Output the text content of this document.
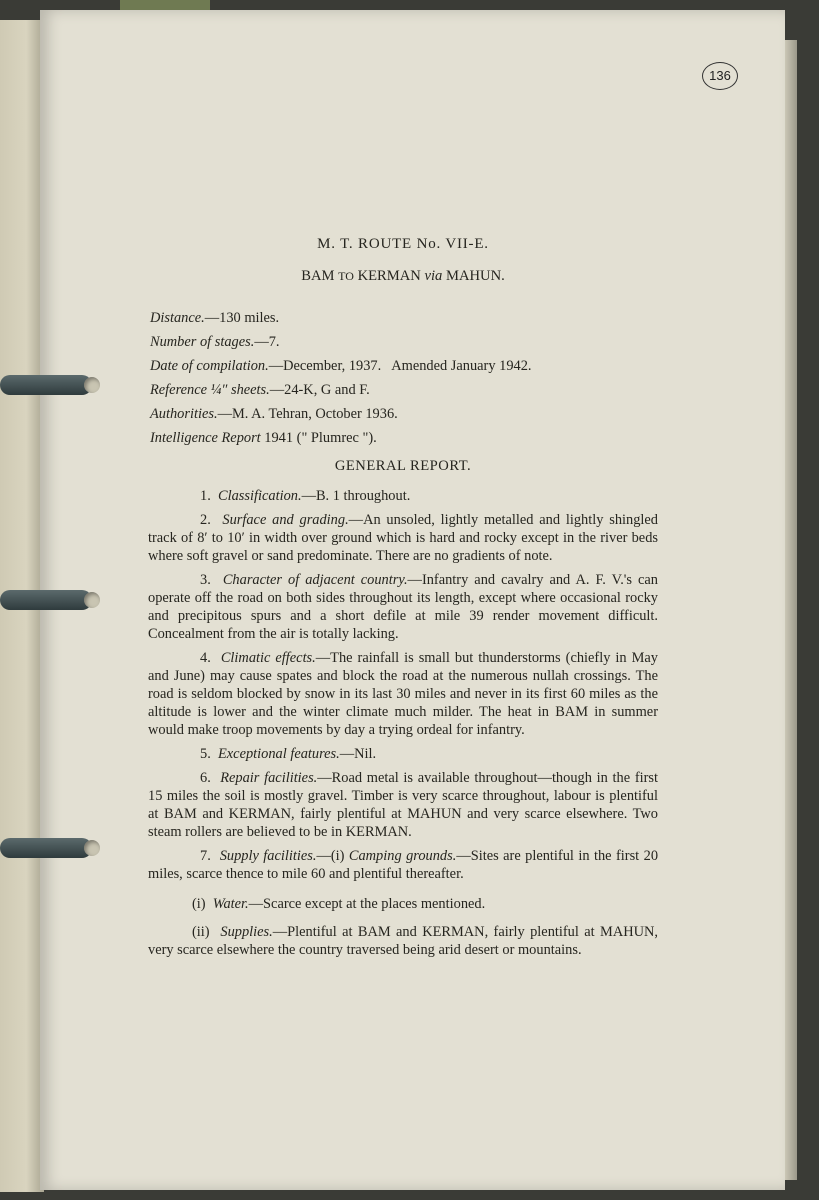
136
M. T. ROUTE No. VII-E.
BAM TO KERMAN via MAHUN.
Distance.—130 miles.
Number of stages.—7.
Date of compilation.—December, 1937.   Amended January 1942.
Reference ¼″ sheets.—24-K, G and F.
Authorities.—M. A. Tehran, October 1936.
Intelligence Report 1941 (" Plumrec ").
GENERAL REPORT.

1. Classification.—B. 1 throughout.

2. Surface and grading.—An unsoled, lightly metalled and lightly shingled track of 8′ to 10′ in width over ground which is hard and rocky except in the river beds where soft gravel or sand predominate. There are no gradients of note.

3. Character of adjacent country.—Infantry and cavalry and A. F. V.'s can operate off the road on both sides throughout its length, except where occasional rocky and precipitous spurs and a short defile at mile 39 render movement difficult. Concealment from the air is totally lacking.

4. Climatic effects.—The rainfall is small but thunderstorms (chiefly in May and June) may cause spates and block the road at the numerous nullah crossings. The road is seldom blocked by snow in its last 30 miles and never in its first 60 miles as the altitude is lower and the winter climate much milder. The heat in BAM in summer would make troop movements by day a trying ordeal for infantry.

5. Exceptional features.—Nil.

6. Repair facilities.—Road metal is available throughout—though in the first 15 miles the soil is mostly gravel. Timber is very scarce throughout, labour is plentiful at BAM and KERMAN, fairly plentiful at MAHUN and very scarce elsewhere. Two steam rollers are believed to be in KERMAN.

7. Supply facilities.—(i) Camping grounds.—Sites are plentiful in the first 20 miles, scarce thence to mile 60 and plentiful thereafter.

(i) Water.—Scarce except at the places mentioned.

(ii) Supplies.—Plentiful at BAM and KERMAN, fairly plentiful at MAHUN, very scarce elsewhere the country traversed being arid desert or mountains.
